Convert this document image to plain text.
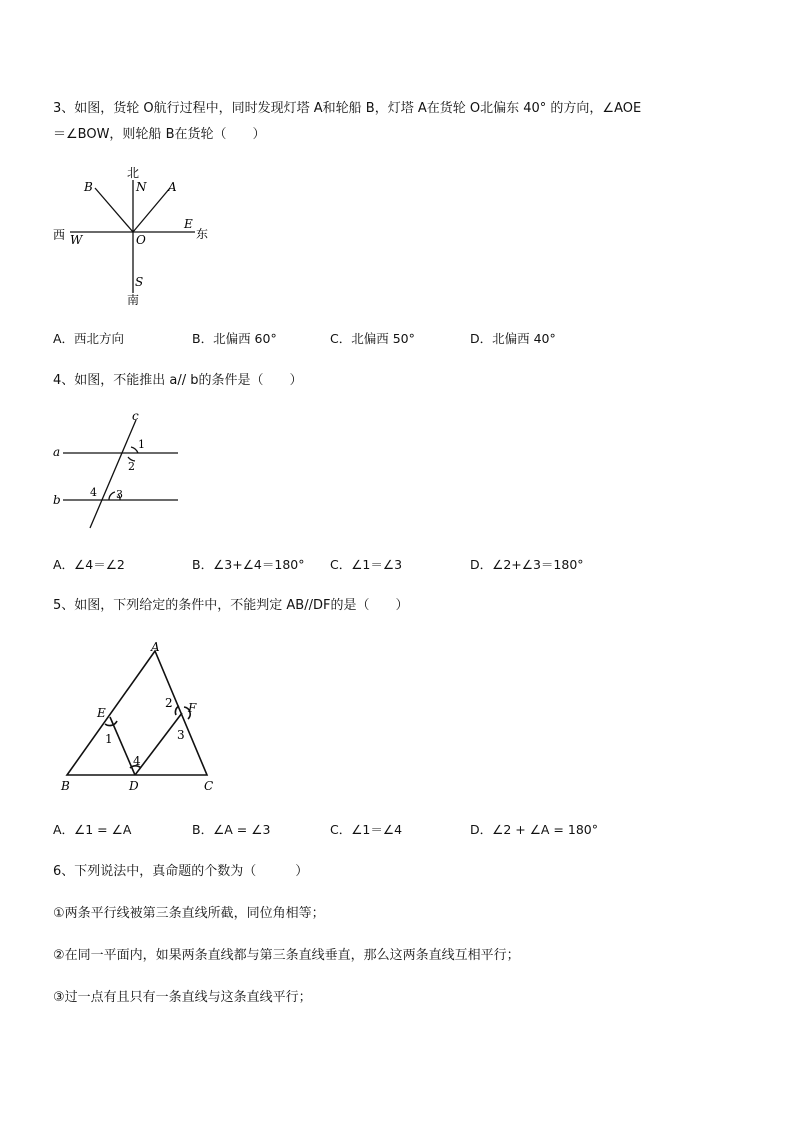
3、如图，货轮 O航行过程中，同时发现灯塔 A和轮船 B，灯塔 A在货轮 O北偏东 40° 的方向，∠AOE
＝∠BOW，则轮船 B在货轮（　　）
北
N
B	A
西 W	O
E
东
S
南
A．西北方向	B．北偏西 60°	C．北偏西 50°	D．北偏西 40°
4、如图，不能推出 a// b的条件是（　　）
c
a
b
1
2
4 3
A．∠4＝∠2	B．∠3+∠4＝180° C．∠1＝∠3	D．∠2+∠3＝180°
5、如图，下列给定的条件中，不能判定 AB//DF的是（　　）
A
E
1
2 F
3
4
B	D	C
A．∠1 = ∠A	B．∠A = ∠3	C．∠1＝∠4	D．∠2 + ∠A = 180°
6、下列说法中，真命题的个数为（　　　）
①两条平行线被第三条直线所截，同位角相等；
②在同一平面内，如果两条直线都与第三条直线垂直，那么这两条直线互相平行；
③过一点有且只有一条直线与这条直线平行；
